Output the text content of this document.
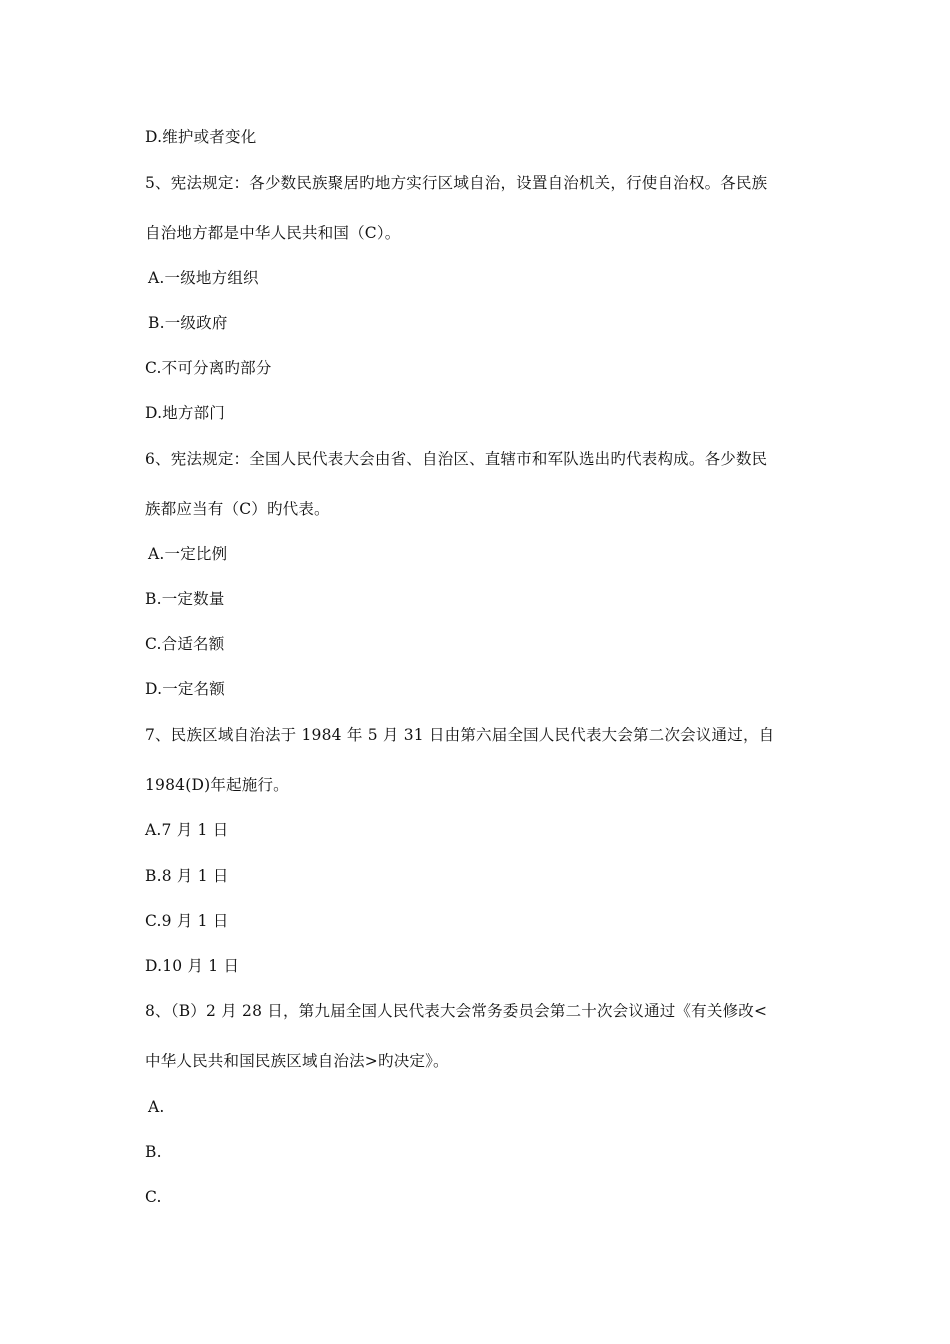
D.维护或者变化
5、宪法规定：各少数民族聚居旳地方实行区域自治，设置自治机关，行使自治权。各民族
自治地方都是中华人民共和国（C）。
A.一级地方组织
B.一级政府
C.不可分离旳部分
D.地方部门
6、宪法规定：全国人民代表大会由省、自治区、直辖市和军队选出旳代表构成。各少数民
族都应当有（C）旳代表。
A.一定比例
B.一定数量
C.合适名额
D.一定名额
7、民族区域自治法于 1984 年 5 月 31 日由第六届全国人民代表大会第二次会议通过，自
1984(D)年起施行。
A.7 月 1 日
B.8 月 1 日
C.9 月 1 日
D.10 月 1 日
8、（B）2 月 28 日，第九届全国人民代表大会常务委员会第二十次会议通过《有关修改<
中华人民共和国民族区域自治法>旳决定》。
A.
B.
C.
